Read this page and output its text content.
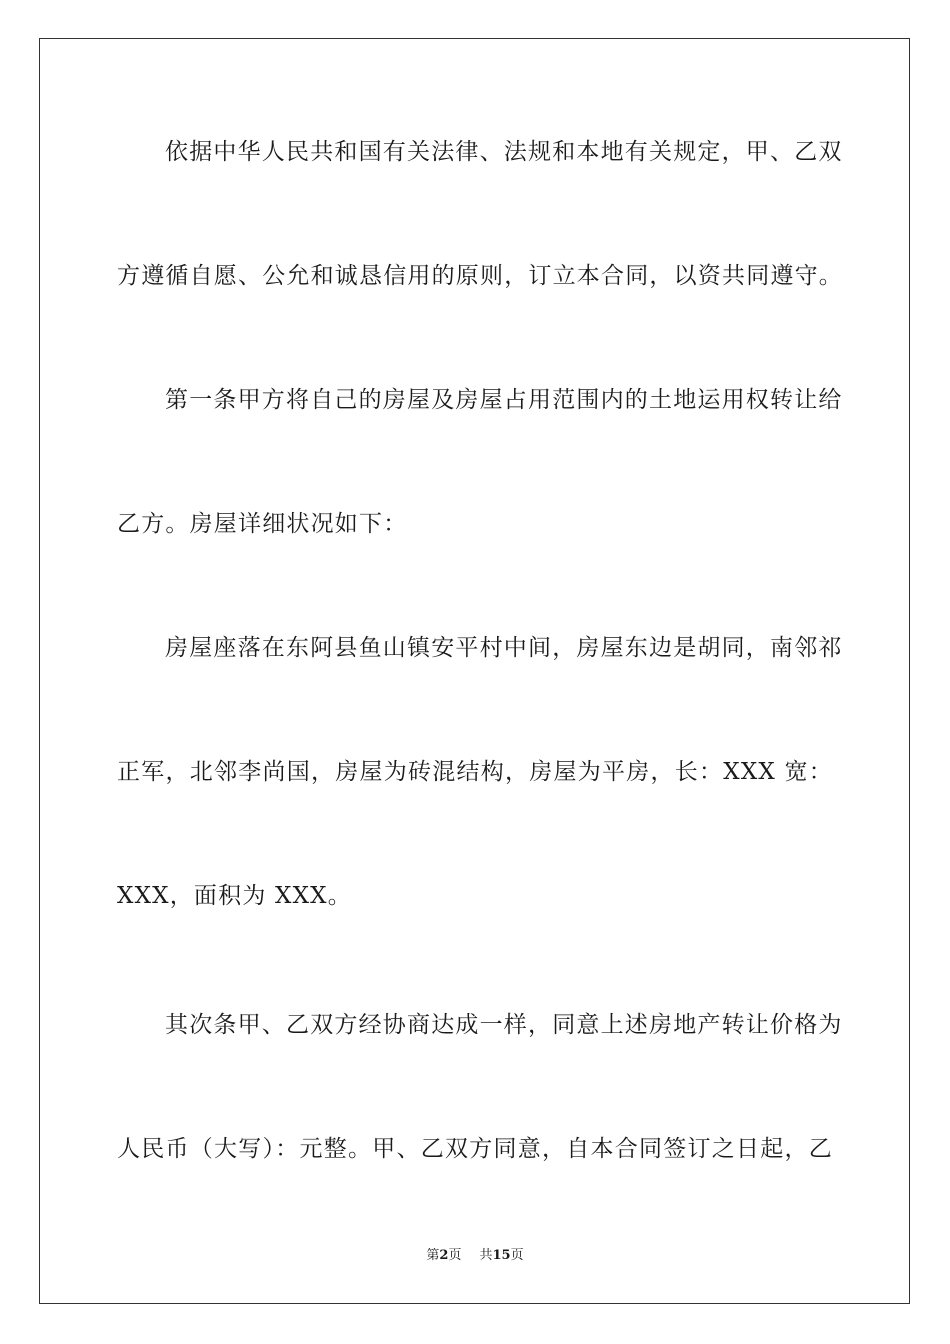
依据中华人民共和国有关法律、法规和本地有关规定，甲、乙双
方遵循自愿、公允和诚恳信用的原则，订立本合同，以资共同遵守。
第一条甲方将自己的房屋及房屋占用范围内的土地运用权转让给
乙方。房屋详细状况如下：
房屋座落在东阿县鱼山镇安平村中间，房屋东边是胡同，南邻祁
正军，北邻李尚国，房屋为砖混结构，房屋为平房，长：XXX 宽：
XXX，面积为 XXX。
其次条甲、乙双方经协商达成一样，同意上述房地产转让价格为
人民币（大写）：元整。甲、乙双方同意，自本合同签订之日起，乙
第2页 共15页
